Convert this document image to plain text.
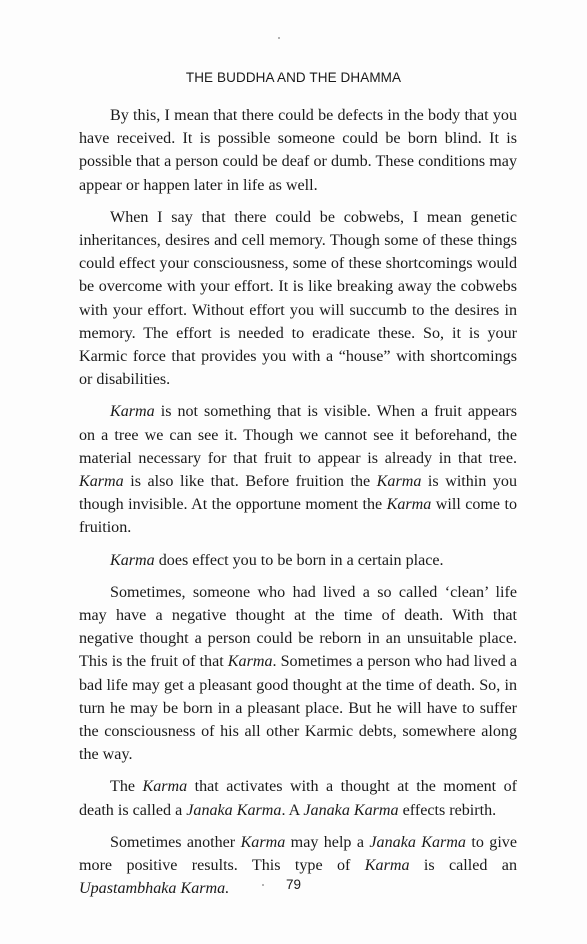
THE BUDDHA AND THE DHAMMA

By this, I mean that there could be defects in the body that you have received. It is possible someone could be born blind. It is possible that a person could be deaf or dumb. These conditions may appear or happen later in life as well.

When I say that there could be cobwebs, I mean genetic inheritances, desires and cell memory. Though some of these things could effect your consciousness, some of these shortcomings would be overcome with your effort. It is like breaking away the cobwebs with your effort. Without effort you will succumb to the desires in memory. The effort is needed to eradicate these. So, it is your Karmic force that provides you with a “house” with shortcomings or disabilities.

Karma is not something that is visible. When a fruit appears on a tree we can see it. Though we cannot see it beforehand, the material necessary for that fruit to appear is already in that tree. Karma is also like that. Before fruition the Karma is within you though invisible. At the opportune moment the Karma will come to fruition.

Karma does effect you to be born in a certain place.

Sometimes, someone who had lived a so called ‘clean’ life may have a negative thought at the time of death. With that negative thought a person could be reborn in an unsuitable place. This is the fruit of that Karma. Sometimes a person who had lived a bad life may get a pleasant good thought at the time of death. So, in turn he may be born in a pleasant place. But he will have to suffer the consciousness of his all other Karmic debts, somewhere along the way.

The Karma that activates with a thought at the moment of death is called a Janaka Karma. A Janaka Karma effects rebirth.

Sometimes another Karma may help a Janaka Karma to give more positive results. This type of Karma is called an Upastambhaka Karma.	79
